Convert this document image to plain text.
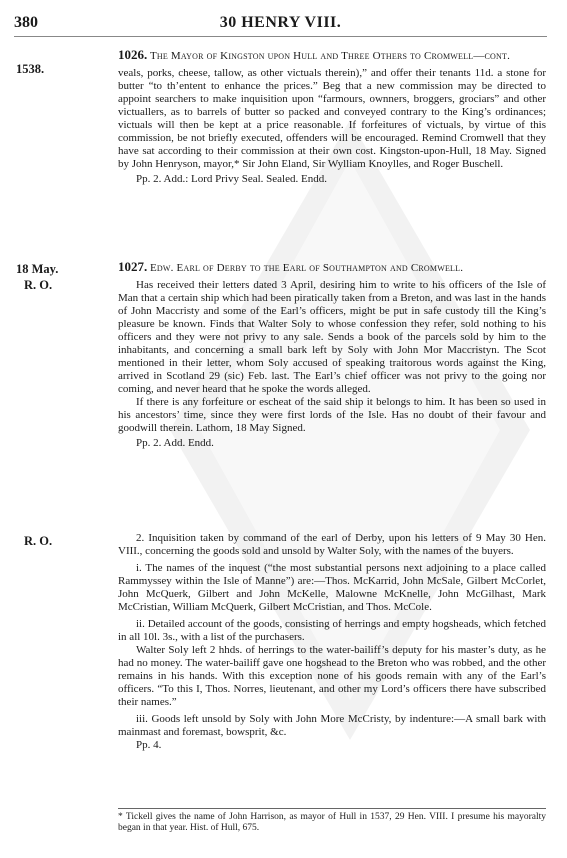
380	30 HENRY VIII.
1538.

1026. The Mayor of Kingston upon Hull and Three Others to Cromwell—cont.

veals, porks, cheese, tallow, as other victuals therein),” and offer their tenants 11d. a stone for butter “to th’entent to enhance the prices.” Beg that a new commission may be directed to appoint searchers to make inquisition upon “farmours, ownners, broggers, grociars” and other victuallers, as to barrels of butter so packed and conveyed contrary to the King’s ordinances; victuals will then be kept at a price reasonable. If forfeitures of victuals, by virtue of this commission, be not briefly executed, offenders will be encouraged. Remind Cromwell that they have sat according to their commission at their own cost. Kingston-upon-Hull, 18 May. Signed by John Henryson, mayor,* Sir John Eland, Sir Wylliam Knoylles, and Roger Buschell.

Pp. 2. Add.: Lord Privy Seal. Sealed. Endd.

18 May.
R. O.

1027. Edw. Earl of Derby to the Earl of Southampton and Cromwell.

Has received their letters dated 3 April, desiring him to write to his officers of the Isle of Man that a certain ship which had been piratically taken from a Breton, and was last in the hands of John Maccristy and some of the Earl’s officers, might be put in safe custody till the King’s pleasure be known. Finds that Walter Soly to whose confession they refer, sold nothing to his officers and they were not privy to any sale. Sends a book of the parcels sold by him to the inhabitants, and concerning a small bark left by Soly with John Mor Maccristyn. The Scot mentioned in their letter, whom Soly accused of speaking traitorous words against the King, arrived in Scotland 29 (sic) Feb. last. The Earl’s chief officer was not privy to the going nor coming, and never heard that he spoke the words alleged.

If there is any forfeiture or escheat of the said ship it belongs to him. It has been so used in his ancestors’ time, since they were first lords of the Isle. Has no doubt of their favour and goodwill therein. Lathom, 18 May Signed.

Pp. 2. Add. Endd.

R. O.	2. Inquisition taken by command of the earl of Derby, upon his letters of 9 May 30 Hen. VIII., concerning the goods sold and unsold by Walter Soly, with the names of the buyers.

i. The names of the inquest (“the most substantial persons next adjoining to a place called Rammyssey within the Isle of Manne”) are:—Thos. McKarrid, John McSale, Gilbert McCorlet, John McQuerk, Gilbert and John McKelle, Malowne McKnelle, John McGilhast, Mark McCristian, William McQuerk, Gilbert McCristian, and Thos. McCole.

ii. Detailed account of the goods, consisting of herrings and empty hogsheads, which fetched in all 10l. 3s., with a list of the purchasers.

Walter Soly left 2 hhds. of herrings to the water-bailiff’s deputy for his master’s duty, as he had no money. The water-bailiff gave one hogshead to the Breton who was robbed, and the other remains in his hands. With this exception none of his goods remain with any of the Earl’s officers. “To this I, Thos. Norres, lieutenant, and other my Lord’s officers there have subscribed their names.”

iii. Goods left unsold by Soly with John More McCristy, by indenture:—A small bark with mainmast and foremast, bowsprit, &c.

Pp. 4.

* Tickell gives the name of John Harrison, as mayor of Hull in 1537, 29 Hen. VIII. I presume his mayoralty began in that year. Hist. of Hull, 675.
